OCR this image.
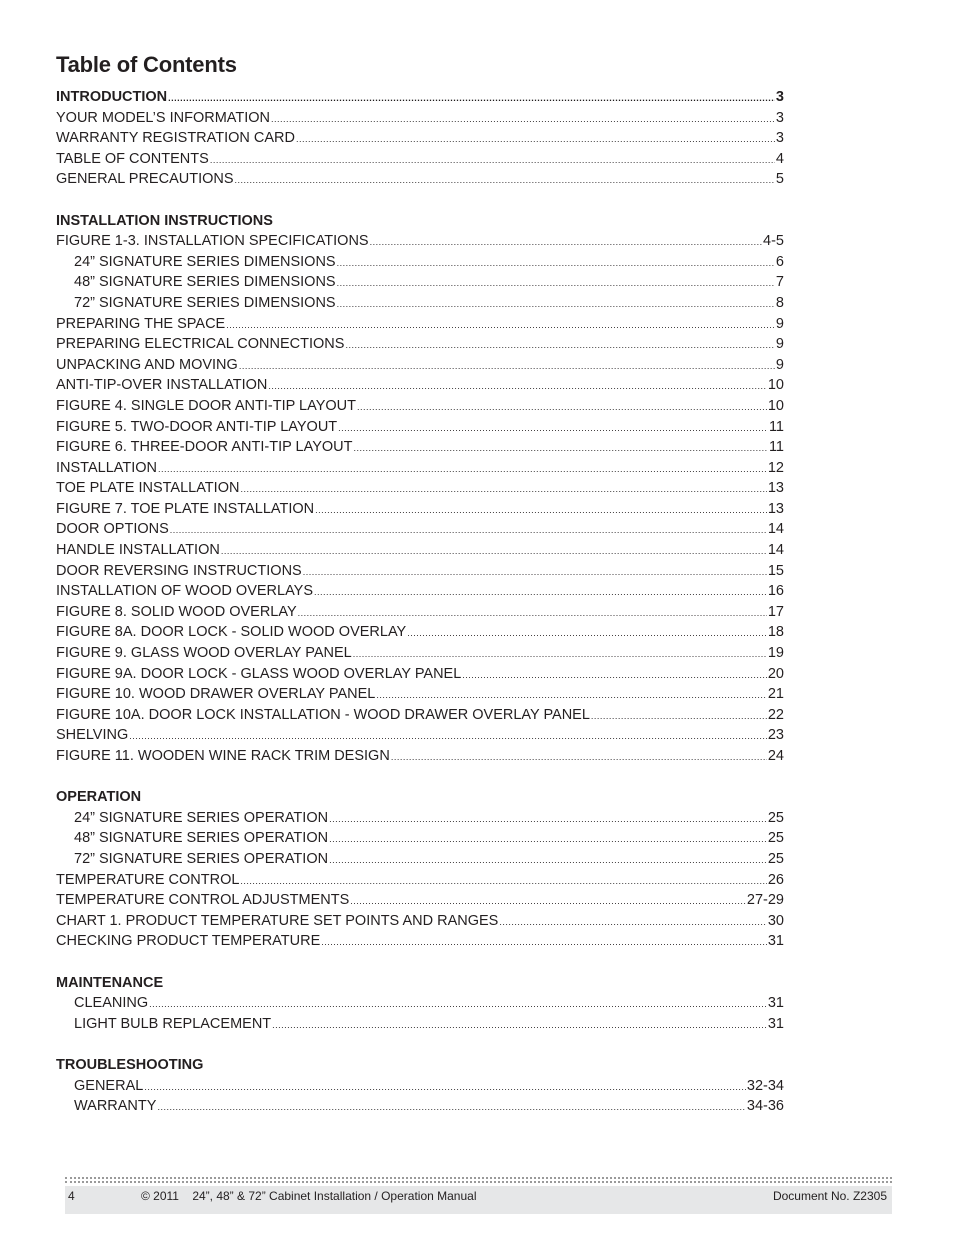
Table of Contents
INTRODUCTION .....	3
YOUR MODEL’S INFORMATION .....	3
WARRANTY REGISTRATION CARD .....	3
TABLE OF CONTENTS .....	4
GENERAL PRECAUTIONS .....	5
INSTALLATION INSTRUCTIONS
FIGURE 1-3. INSTALLATION SPECIFICATIONS .....	4-5
24” SIGNATURE SERIES DIMENSIONS .....	6
48” SIGNATURE SERIES DIMENSIONS .....	7
72” SIGNATURE SERIES DIMENSIONS .....	8
PREPARING THE SPACE .....	9
PREPARING ELECTRICAL CONNECTIONS .....	9
UNPACKING AND MOVING .....	9
ANTI-TIP-OVER INSTALLATION .....	10
FIGURE 4. SINGLE DOOR ANTI-TIP LAYOUT .....	10
FIGURE 5. TWO-DOOR ANTI-TIP LAYOUT .....	11
FIGURE 6. THREE-DOOR ANTI-TIP LAYOUT .....	11
INSTALLATION .....	12
TOE PLATE INSTALLATION .....	13
FIGURE 7. TOE PLATE INSTALLATION .....	13
DOOR OPTIONS .....	14
HANDLE INSTALLATION .....	14
DOOR REVERSING INSTRUCTIONS .....	15
INSTALLATION OF WOOD OVERLAYS .....	16
FIGURE 8. SOLID WOOD OVERLAY .....	17
FIGURE 8A. DOOR LOCK - SOLID WOOD OVERLAY .....	18
FIGURE 9. GLASS WOOD OVERLAY PANEL .....	19
FIGURE 9A. DOOR LOCK - GLASS WOOD OVERLAY PANEL .....	20
FIGURE 10. WOOD DRAWER OVERLAY PANEL .....	21
FIGURE 10A. DOOR LOCK INSTALLATION - WOOD DRAWER OVERLAY PANEL .....	22
SHELVING .....	23
FIGURE 11. WOODEN WINE RACK TRIM DESIGN .....	24
OPERATION
24” SIGNATURE SERIES OPERATION .....	25
48” SIGNATURE SERIES OPERATION .....	25
72” SIGNATURE SERIES OPERATION .....	25
TEMPERATURE CONTROL .....	26
TEMPERATURE CONTROL ADJUSTMENTS .....	27-29
CHART 1. PRODUCT TEMPERATURE SET POINTS AND RANGES .....	30
CHECKING PRODUCT TEMPERATURE .....	31
MAINTENANCE
CLEANING .....	31
LIGHT BULB REPLACEMENT .....	31
TROUBLESHOOTING
GENERAL .....	32-34
WARRANTY .....	34-36
4	© 2011    24”, 48” & 72” Cabinet Installation / Operation Manual	Document No. Z2305
